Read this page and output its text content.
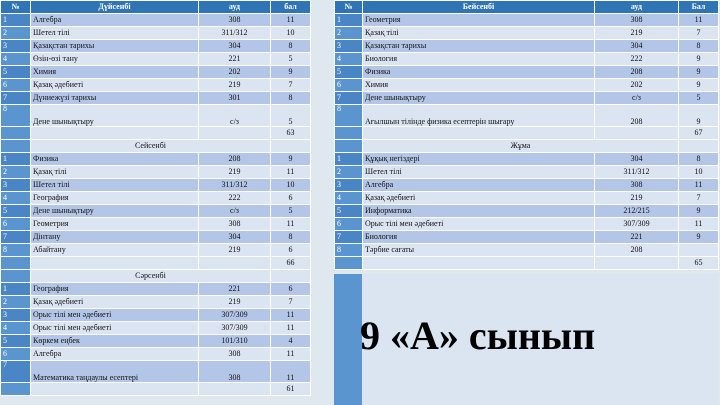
№	Дүйсенбі	ауд	бал
1	Алгебра	308	11
2	Шетел тілі	311/312	10
3	Қазақстан тарихы	304	8
4	Өзін-өзі тану	221	5
5	Химия	202	9
6	Қазақ әдебиеті	219	7
7	Дүниежүзі тарихы	301	8
8	Дене шынықтыру	с/з	5
			63
	Сейсенбі		
1	Физика	208	9
2	Қазақ тілі	219	11
3	Шетел тілі	311/312	10
4	География	222	6
5	Дене шынықтыру	с/з	5
6	Геометрия	308	11
7	Дінтану	304	8
8	Абайтану	219	6
			66
	Сәрсенбі		
1	География	221	6
2	Қазақ әдебиеті	219	7
3	Орыс тілі мен әдебиеті	307/309	11
4	Орыс тілі мен әдебиеті	307/309	11
5	Көркем еңбек	101/310	4
6	Алгебра	308	11
7	Математика таңдаулы есептері	308	11
			61
№	Бейсенбі	ауд	Бал
1	Геометрия	308	11
2	Қазақ тілі	219	7
3	Қазақстан тарихы	304	8
4	Биология	222	9
5	Физика	208	9
6	Химия	202	9
7	Дене шынықтыру	с/з	5
8	Ағылшын тілінде физика есептерін шығару	208	9
			67
	Жұма		
1	Құқық негіздері	304	8
2	Шетел тілі	311/312	10
3	Алгебра	308	11
4	Қазақ әдебиеті	219	7
5	Информатика	212/215	9
6	Орыс тілі мен әдебиеті	307/309	11
7	Биология	221	9
8	Тәрбие сағаты	208	
			65
9 «А» сынып
